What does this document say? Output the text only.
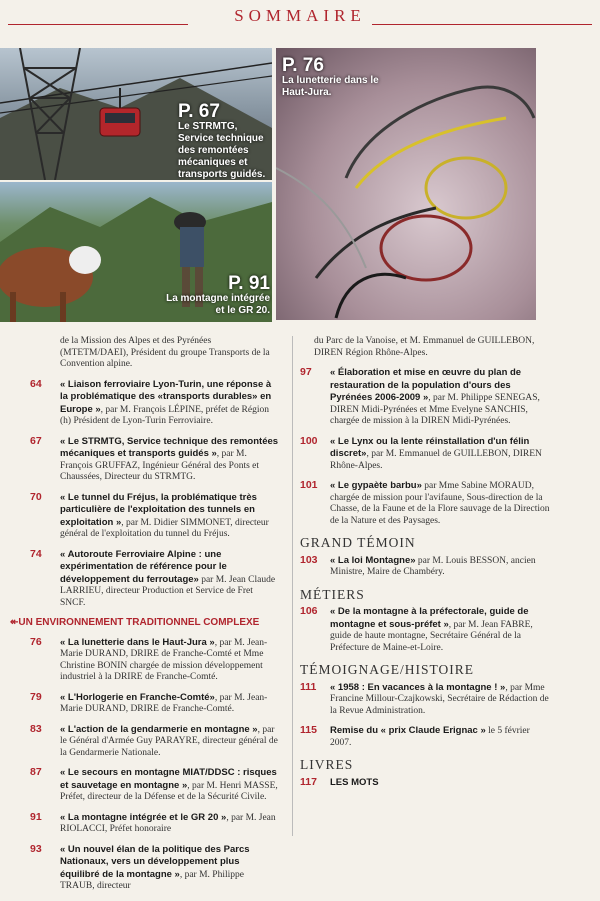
SOMMAIRE
P. 67
Le STRMTG, Service technique des remontées mécaniques et transports guidés.
P. 91
La montagne intégrée et le GR 20.
P. 76
La lunetterie dans le Haut-Jura.
de la Mission des Alpes et des Pyrénées (MTETM/DAEI), Président du groupe Transports de la Convention alpine.
64 « Liaison ferroviaire Lyon-Turin, une réponse à la problématique des «transports durables» en Europe », par M. François LÉPINE, préfet de Région (h) Président de Lyon-Turin Ferroviaire.
67 « Le STRMTG, Service technique des remontées mécaniques et transports guidés », par M. François GRUFFAZ, Ingénieur Général des Ponts et Chaussées, Directeur du STRMTG.
70 « Le tunnel du Fréjus, la problématique très particulière de l'exploitation des tunnels en exploitation », par M. Didier SIMMONET, directeur général de l'exploitation du tunnel du Fréjus.
74 « Autoroute Ferroviaire Alpine : une expérimentation de référence pour le développement du ferroutage» par M. Jean Claude LARRIEU, directeur Production et Service de Fret SNCF.
↞UN ENVIRONNEMENT TRADITIONNEL COMPLEXE
76 « La lunetterie dans le Haut-Jura », par M. Jean-Marie DURAND, DRIRE de Franche-Comté et Mme Christine BONIN chargée de mission développement industriel à la DRIRE de Franche-Comté.
79 « L'Horlogerie en Franche-Comté», par M. Jean-Marie DURAND, DRIRE de Franche-Comté.
83 « L'action de la gendarmerie en montagne », par le Général d'Armée Guy PARAYRE, directeur général de la Gendarmerie Nationale.
87 « Le secours en montagne MIAT/DDSC : risques et sauvetage en montagne », par M. Henri MASSE, Préfet, directeur de la Défense et de la Sécurité Civile.
91 « La montagne intégrée et le GR 20 », par M. Jean RIOLACCI, Préfet honoraire
93 « Un nouvel élan de la politique des Parcs Nationaux, vers un développement plus équilibré de la montagne », par M. Philippe TRAUB, directeur
du Parc de la Vanoise, et M. Emmanuel de GUILLEBON, DIREN Région Rhône-Alpes.
97 « Élaboration et mise en œuvre du plan de restauration de la population d'ours des Pyrénées 2006-2009 », par M. Philippe SENEGAS, DIREN Midi-Pyrénées et Mme Evelyne SANCHIS, chargée de mission à la DIREN Midi-Pyrénées.
100 « Le Lynx ou la lente réinstallation d'un félin discret», par M. Emmanuel de GUILLEBON, DIREN Rhône-Alpes.
101 « Le gypaète barbu» par Mme Sabine MORAUD, chargée de mission pour l'avifaune, Sous-direction de la Chasse, de la Faune et de la Flore sauvage de la Direction de la Nature et des Paysages.
GRAND TÉMOIN
103 « La loi Montagne» par M. Louis BESSON, ancien Ministre, Maire de Chambéry.
MÉTIERS
106 « De la montagne à la préfectorale, guide de montagne et sous-préfet », par M. Jean FABRE, guide de haute montagne, Secrétaire Général de la Préfecture de Maine-et-Loire.
TÉMOIGNAGE/HISTOIRE
111 « 1958 : En vacances à la montagne ! », par Mme Francine Millour-Czajkowski, Secrétaire de Rédaction de la Revue Administration.
115 Remise du « prix Claude Erignac » le 5 février 2007.
LIVRES
117 LES MOTS
